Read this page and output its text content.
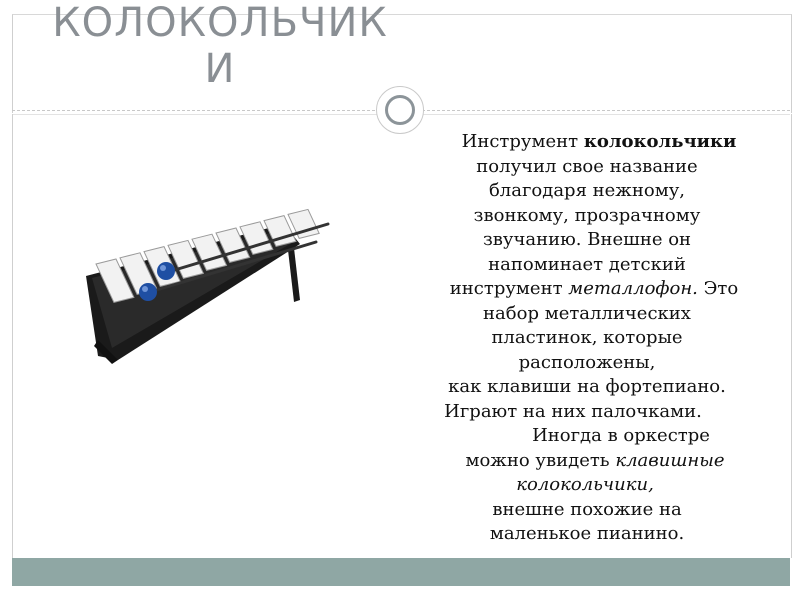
КОЛОКОЛЬЧИК
И
Инструмент колокольчики
получил свое название
благодаря нежному,
звонкому, прозрачному
звучанию. Внешне он
напоминает детский
инструмент металлофон. Это
набор металлических
пластинок, которые
расположены,
как клавиши на фортепиано.
Играют на них палочками.
Иногда в оркестре
можно увидеть клавишные
колокольчики,
внешне похожие на
маленькое пианино.
